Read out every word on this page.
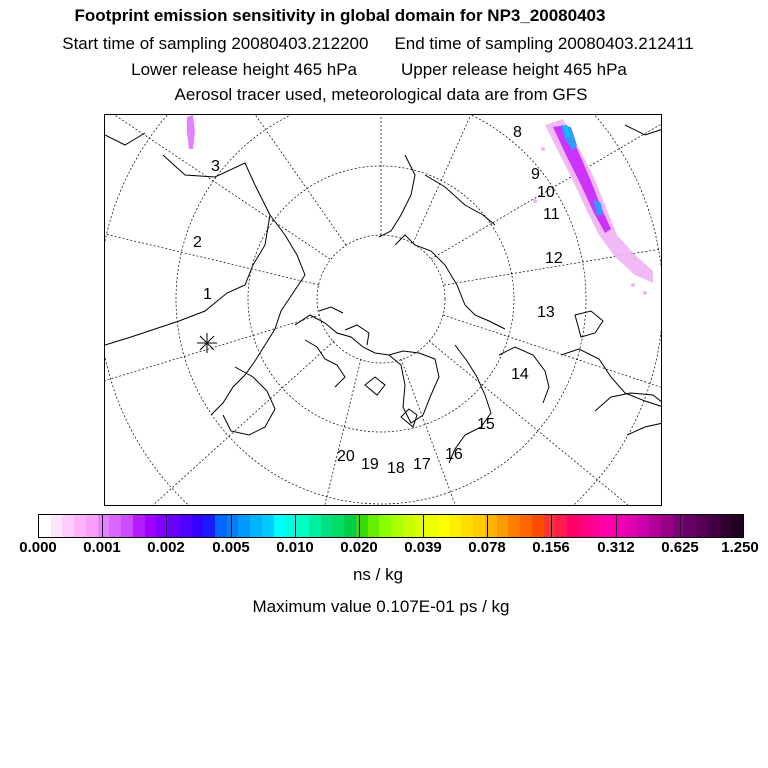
Footprint emission sensitivity in global domain for NP3_20080403
Start time of sampling 20080403.212200 End time of sampling 20080403.212411
Lower release height 465 hPa	Upper release height 465 hPa
Aerosol tracer used, meteorological data are from GFS
1
2
3
8
9
10
11
12
13
14
15
16
17
18
19
20
0.000 0.001 0.002 0.005 0.010 0.020 0.039 0.078 0.156 0.312 0.625 1.250
ns / kg
Maximum value 0.107E-01 ps / kg
